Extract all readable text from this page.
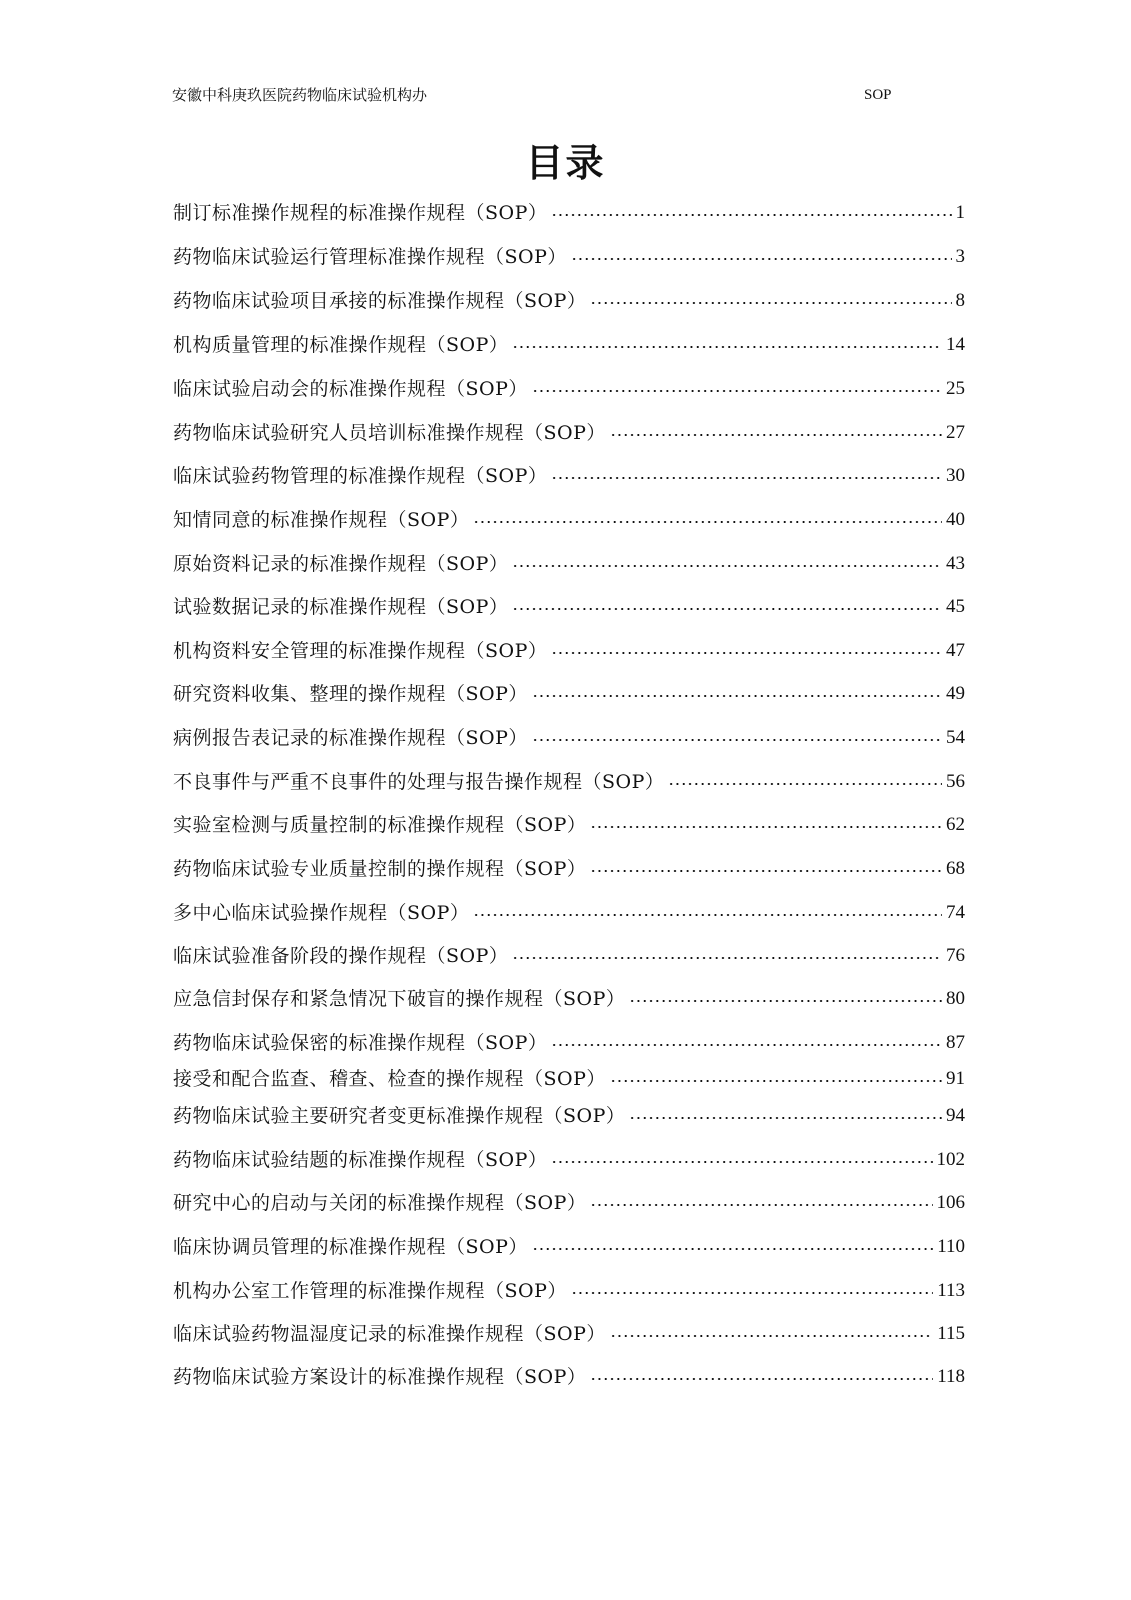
安徽中科庚玖医院药物临床试验机构办	SOP
目录
制订标准操作规程的标准操作规程（SOP）	1
药物临床试验运行管理标准操作规程（SOP）	3
药物临床试验项目承接的标准操作规程（SOP）	8
机构质量管理的标准操作规程（SOP）	14
临床试验启动会的标准操作规程（SOP）	25
药物临床试验研究人员培训标准操作规程（SOP）	27
临床试验药物管理的标准操作规程（SOP）	30
知情同意的标准操作规程（SOP）	40
原始资料记录的标准操作规程（SOP）	43
试验数据记录的标准操作规程（SOP）	45
机构资料安全管理的标准操作规程（SOP）	47
研究资料收集、整理的操作规程（SOP）	49
病例报告表记录的标准操作规程（SOP）	54
不良事件与严重不良事件的处理与报告操作规程（SOP）	56
实验室检测与质量控制的标准操作规程（SOP）	62
药物临床试验专业质量控制的操作规程（SOP）	68
多中心临床试验操作规程（SOP）	74
临床试验准备阶段的操作规程（SOP）	76
应急信封保存和紧急情况下破盲的操作规程（SOP）	80
药物临床试验保密的标准操作规程（SOP）	87
接受和配合监查、稽查、检查的操作规程（SOP）	91
药物临床试验主要研究者变更标准操作规程（SOP）	94
药物临床试验结题的标准操作规程（SOP）	102
研究中心的启动与关闭的标准操作规程（SOP）	106
临床协调员管理的标准操作规程（SOP）	110
机构办公室工作管理的标准操作规程（SOP）	113
临床试验药物温湿度记录的标准操作规程（SOP）	115
药物临床试验方案设计的标准操作规程（SOP）	118
